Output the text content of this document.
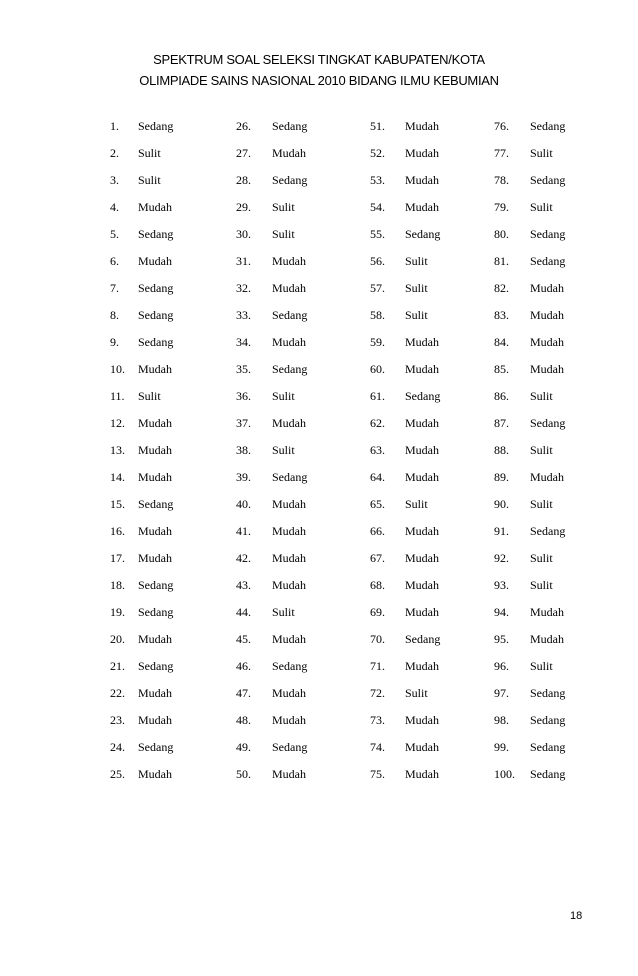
SPEKTRUM SOAL SELEKSI TINGKAT KABUPATEN/KOTA
OLIMPIADE SAINS NASIONAL 2010 BIDANG ILMU KEBUMIAN
1. Sedang	26. Sedang	51. Mudah	76. Sedang
2. Sulit	27. Mudah	52. Mudah	77. Sulit
3. Sulit	28. Sedang	53. Mudah	78. Sedang
4. Mudah	29. Sulit	54. Mudah	79. Sulit
5. Sedang	30. Sulit	55. Sedang	80. Sedang
6. Mudah	31. Mudah	56. Sulit	81. Sedang
7. Sedang	32. Mudah	57. Sulit	82. Mudah
8. Sedang	33. Sedang	58. Sulit	83. Mudah
9. Sedang	34. Mudah	59. Mudah	84. Mudah
10. Mudah	35. Sedang	60. Mudah	85. Mudah
11. Sulit	36. Sulit	61. Sedang	86. Sulit
12. Mudah	37. Mudah	62. Mudah	87. Sedang
13. Mudah	38. Sulit	63. Mudah	88. Sulit
14. Mudah	39. Sedang	64. Mudah	89. Mudah
15. Sedang	40. Mudah	65. Sulit	90. Sulit
16. Mudah	41. Mudah	66. Mudah	91. Sedang
17. Mudah	42. Mudah	67. Mudah	92. Sulit
18. Sedang	43. Mudah	68. Mudah	93. Sulit
19. Sedang	44. Sulit	69. Mudah	94. Mudah
20. Mudah	45. Mudah	70. Sedang	95. Mudah
21. Sedang	46. Sedang	71. Mudah	96. Sulit
22. Mudah	47. Mudah	72. Sulit	97. Sedang
23. Mudah	48. Mudah	73. Mudah	98. Sedang
24. Sedang	49. Sedang	74. Mudah	99. Sedang
25. Mudah	50. Mudah	75. Mudah	100. Sedang
18
